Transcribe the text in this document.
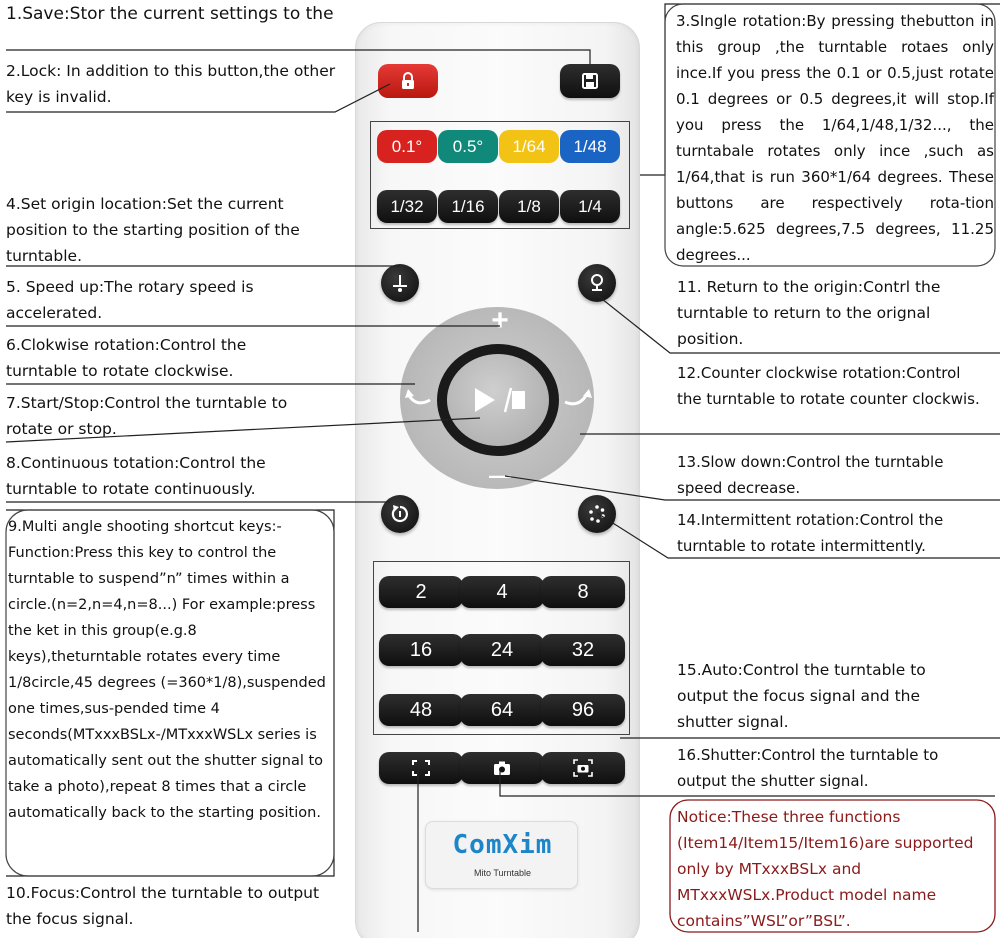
0.1°	0.5°	1/64	1/48
1/32	1/16	1/8	1/4
+
—
2	4	8
16	24	32
48	64	96
ComXim
Mito Turntable
1.Save:Stor the current settings to the
2.Lock: In addition to this button,the other key is invalid.
3.SIngle rotation:By pressing thebutton in this group ,the turntable rotaes only ince.If you press the 0.1 or 0.5,just rotate 0.1 degrees or 0.5 degrees,it will stop.If you press the 1/64,1/48,1/32..., the turntabale rotates only ince ,such as 1/64,that is run 360*1/64 degrees. These buttons are respectively rota-tion angle:5.625 degrees,7.5 degrees, 11.25 degrees...
4.Set origin location:Set the current position to the starting position of the turntable.
5. Speed up:The rotary speed is accelerated.
6.Clokwise rotation:Control the turntable to rotate clockwise.
7.Start/Stop:Control the turntable to rotate or stop.
8.Continuous totation:Control the turntable to rotate continuously.
9.Multi angle shooting shortcut keys:-Function:Press this key to control the turntable to suspend”n” times within a circle.(n=2,n=4,n=8...) For example:press the ket in this group(e.g.8 keys),theturntable rotates every time 1/8circle,45 degrees (=360*1/8),suspended one times,sus-pended time 4 seconds(MTxxxBSLx-/MTxxxWSLx series is automatically sent out the shutter signal to take a photo),repeat 8 times that a circle automatically back to the starting position.
10.Focus:Control the turntable to output the focus signal.
11. Return to the origin:Contrl the turntable to return to the orignal position.
12.Counter clockwise rotation:Control the turntable to rotate counter clockwis.
13.Slow down:Control the turntable speed decrease.
14.Intermittent rotation:Control the turntable to rotate intermittently.
15.Auto:Control the turntable to output the focus signal and the shutter signal.
16.Shutter:Control the turntable to output the shutter signal.
Notice:These three functions (Item14/Item15/Item16)are supported only by MTxxxBSLx and MTxxxWSLx.Product model name contains”WSL”or”BSL”.
